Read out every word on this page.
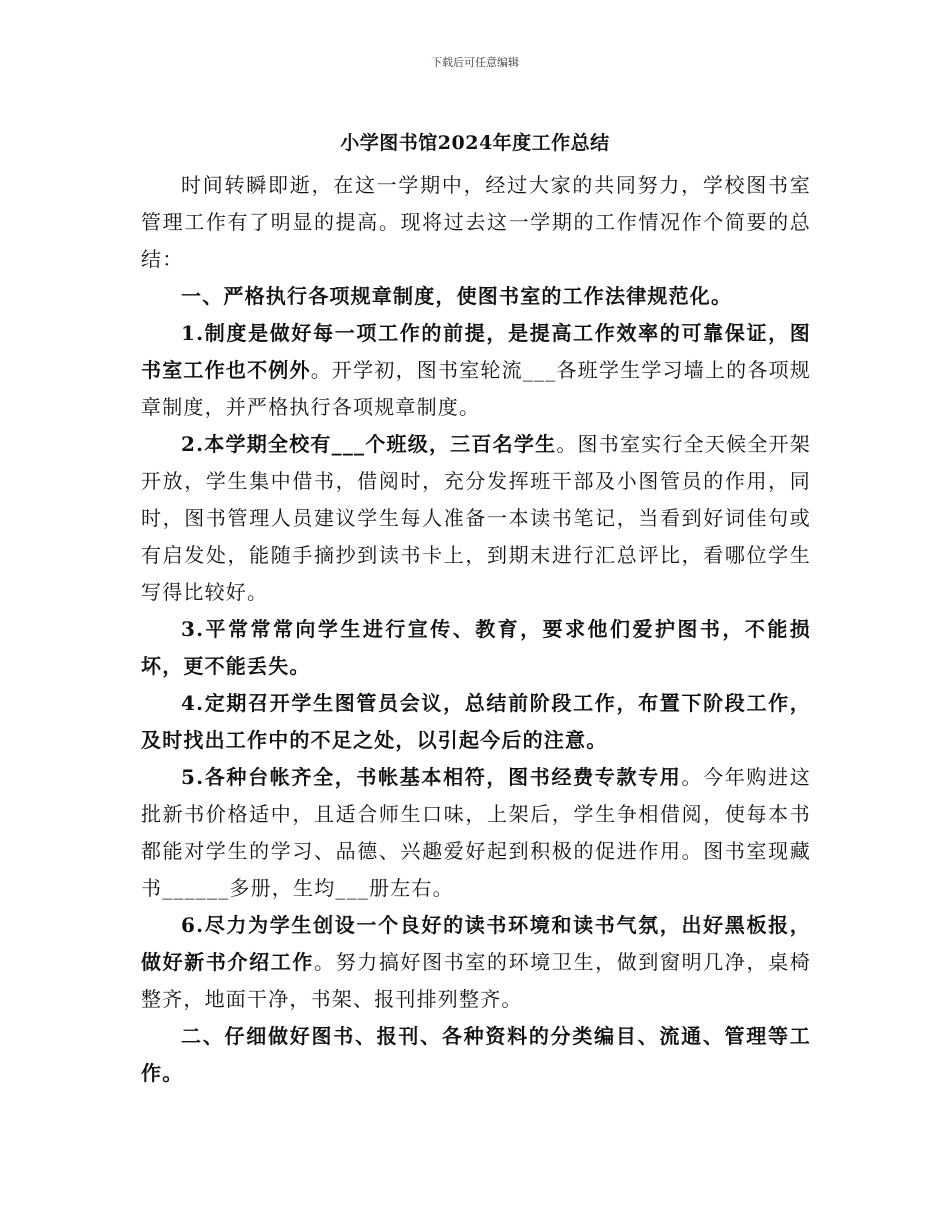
下载后可任意编辑
小学图书馆2024年度工作总结

时间转瞬即逝，在这一学期中，经过大家的共同努力，学校图书室管理工作有了明显的提高。现将过去这一学期的工作情况作个简要的总结：

一、严格执行各项规章制度，使图书室的工作法律规范化。

1.制度是做好每一项工作的前提，是提高工作效率的可靠保证，图书室工作也不例外。开学初，图书室轮流___各班学生学习墙上的各项规章制度，并严格执行各项规章制度。

2.本学期全校有___个班级，三百名学生。图书室实行全天候全开架开放，学生集中借书，借阅时，充分发挥班干部及小图管员的作用，同时，图书管理人员建议学生每人准备一本读书笔记，当看到好词佳句或有启发处，能随手摘抄到读书卡上，到期末进行汇总评比，看哪位学生写得比较好。

3.平常常常向学生进行宣传、教育，要求他们爱护图书，不能损坏，更不能丢失。

4.定期召开学生图管员会议，总结前阶段工作，布置下阶段工作，及时找出工作中的不足之处，以引起今后的注意。

5.各种台帐齐全，书帐基本相符，图书经费专款专用。今年购进这批新书价格适中，且适合师生口味，上架后，学生争相借阅，使每本书都能对学生的学习、品德、兴趣爱好起到积极的促进作用。图书室现藏书______多册，生均___册左右。

6.尽力为学生创设一个良好的读书环境和读书气氛，出好黑板报，做好新书介绍工作。努力搞好图书室的环境卫生，做到窗明几净，桌椅整齐，地面干净，书架、报刊排列整齐。

二、仔细做好图书、报刊、各种资料的分类编目、流通、管理等工作。
